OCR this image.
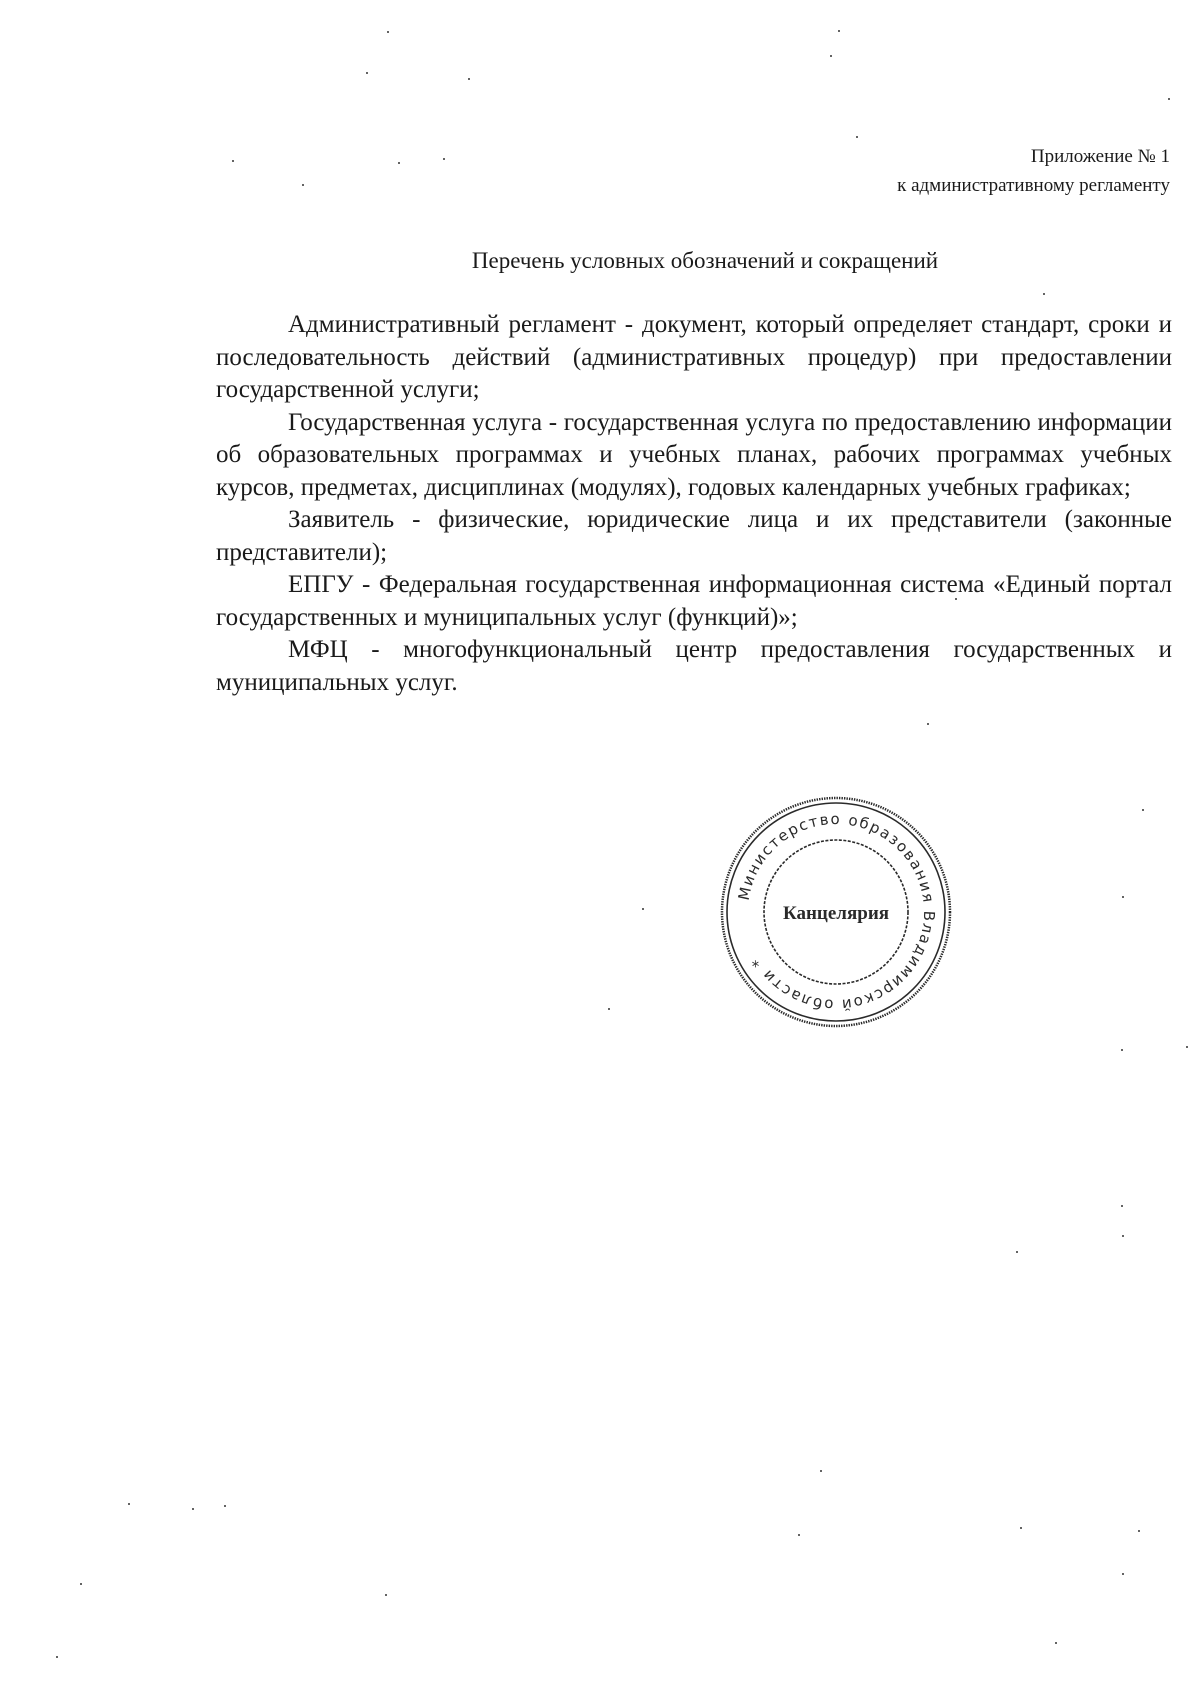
Приложение № 1
к административному регламенту
Перечень условных обозначений и сокращений

Административный регламент - документ, который определяет стандарт, сроки и последовательность действий (административных процедур) при предоставлении государственной услуги;

Государственная услуга - государственная услуга по предоставлению информации об образовательных программах и учебных планах, рабочих программах учебных курсов, предметах, дисциплинах (модулях), годовых календарных учебных графиках;

Заявитель - физические, юридические лица и их представители (законные представители);

ЕПГУ - Федеральная государственная информационная система «Единый портал государственных и муниципальных услуг (функций)»;

МФЦ - многофункциональный центр предоставления государственных и муниципальных услуг.

Министерство образования Владимирской области *
Канцелярия
